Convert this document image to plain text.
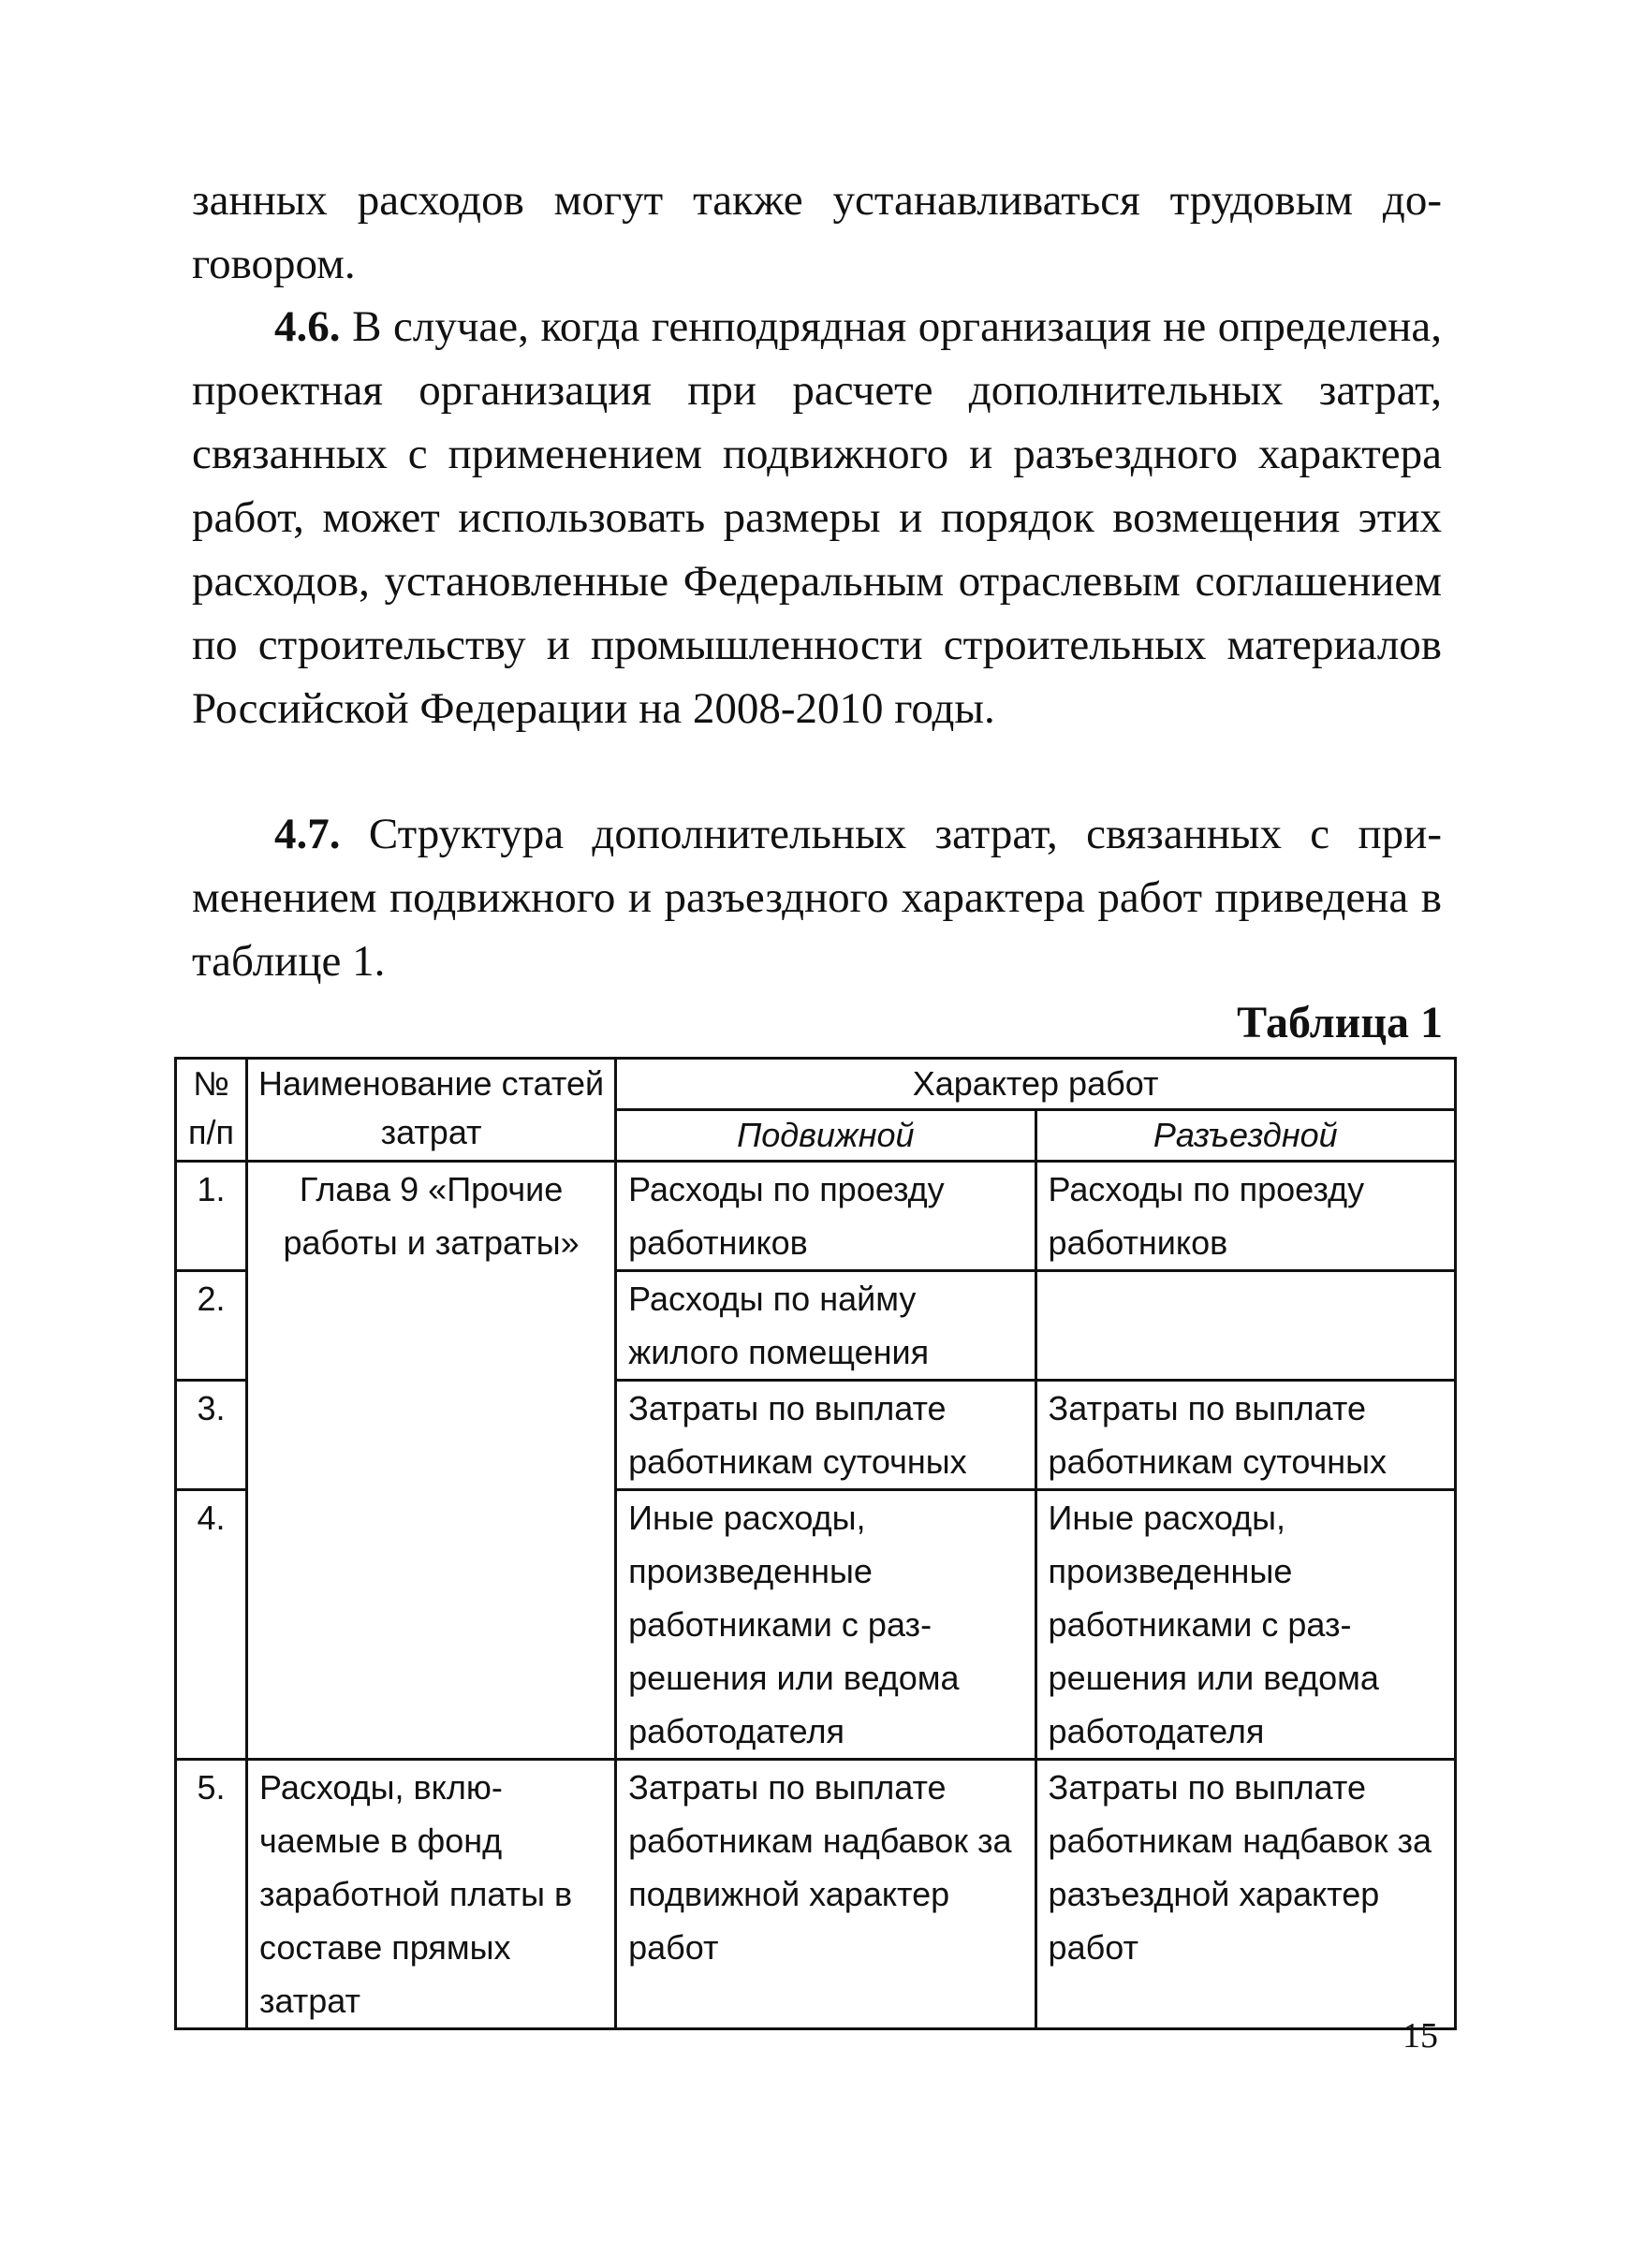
занных расходов могут также устанавливаться трудовым договором.

4.6. В случае, когда генподрядная организация не определена, проектная организация при расчете дополнительных затрат, связанных с применением подвижного и разъездного характера работ, может использовать размеры и порядок возмещения этих расходов, установленные Федеральным отраслевым соглашением по строительству и промышленности строительных материалов Российской Федерации на 2008-2010 годы.

4.7. Структура дополнительных затрат, связанных с применением подвижного и разъездного характера работ приведена в таблице 1.

Таблица 1
№ п/п	Наименование статей затрат	Характер работ	
		Подвижной	Разъездной
1.	Глава 9 «Прочие работы и затраты»	Расходы по проезду работников	Расходы по проезду работников
2.		Расходы по найму жилого помещения	
3.		Затраты по выплате работникам суточных	Затраты по выплате работникам суточных
4.		Иные расходы, произведенные работниками с разрешения или ведома работодателя	Иные расходы, произведенные работниками с разрешения или ведома работодателя
5.	Расходы, включаемые в фонд заработной платы в составе прямых затрат	Затраты по выплате работникам надбавок за подвижной характер работ	Затраты по выплате работникам надбавок за разъездной характер работ
15
